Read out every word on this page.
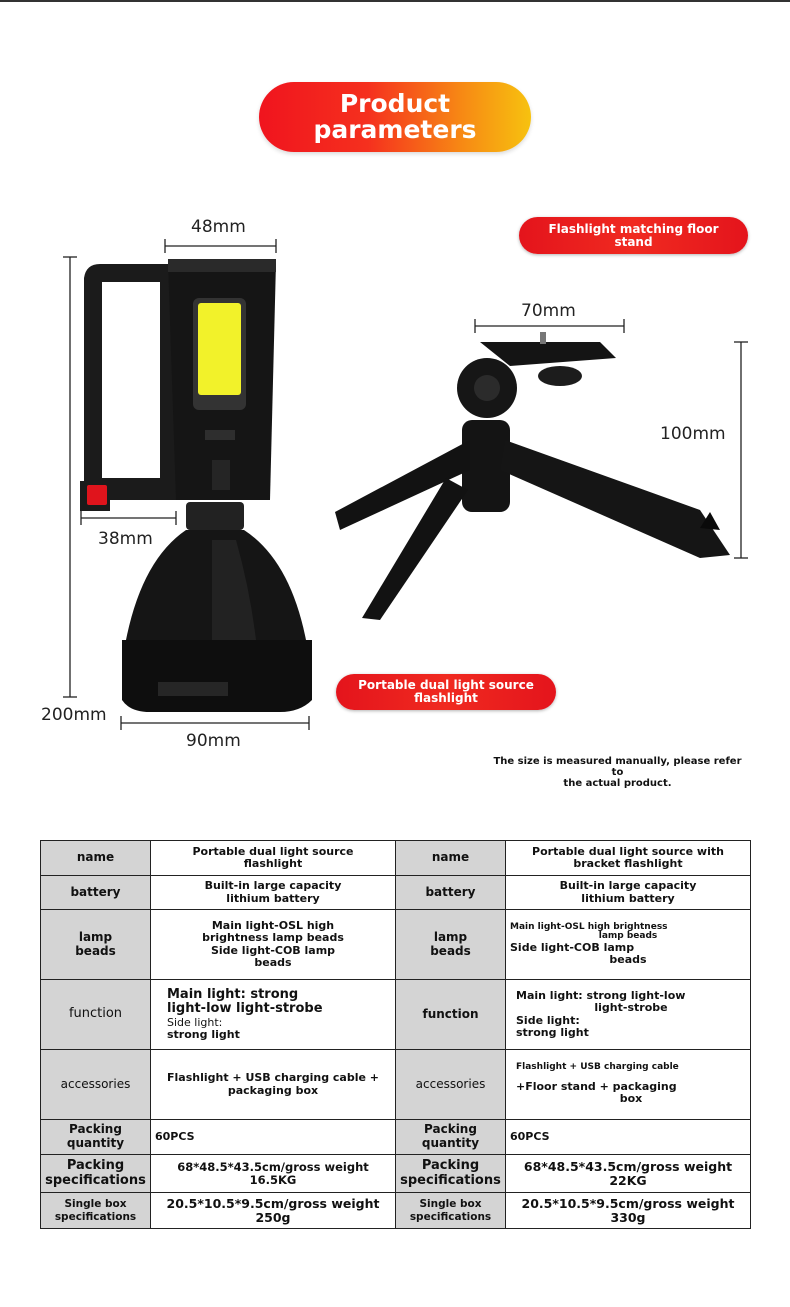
Product
parameters
Flashlight matching floor
stand
48mm
38mm
200mm
90mm
70mm
100mm
Portable dual light source
flashlight
The size is measured manually, please refer to
the actual product.
name	Portable dual light source
flashlight	name	Portable dual light source with
bracket flashlight

battery	Built-in large capacity
lithium battery	battery	Built-in large capacity
lithium battery

lamp
beads	Main light-OSL high
brightness lamp beads
Side light-COB lamp
beads	lamp
beads	Main light-OSL high brightness
lamp beads
Side light-COB lamp
beads

function	Main light: strong
light-low light-strobe
Side light:
strong light	function	Main light: strong light-low
light-strobe
Side light:
strong light

accessories	Flashlight + USB charging cable +
packaging box	accessories	Flashlight + USB charging cable
+Floor stand + packaging
box

Packing
quantity	60PCS	Packing
quantity	60PCS

Packing
specifications	68*48.5*43.5cm/gross weight 16.5KG	Packing
specifications	68*48.5*43.5cm/gross weight 22KG

Single box
specifications	20.5*10.5*9.5cm/gross weight 250g	Single box
specifications	20.5*10.5*9.5cm/gross weight 330g
